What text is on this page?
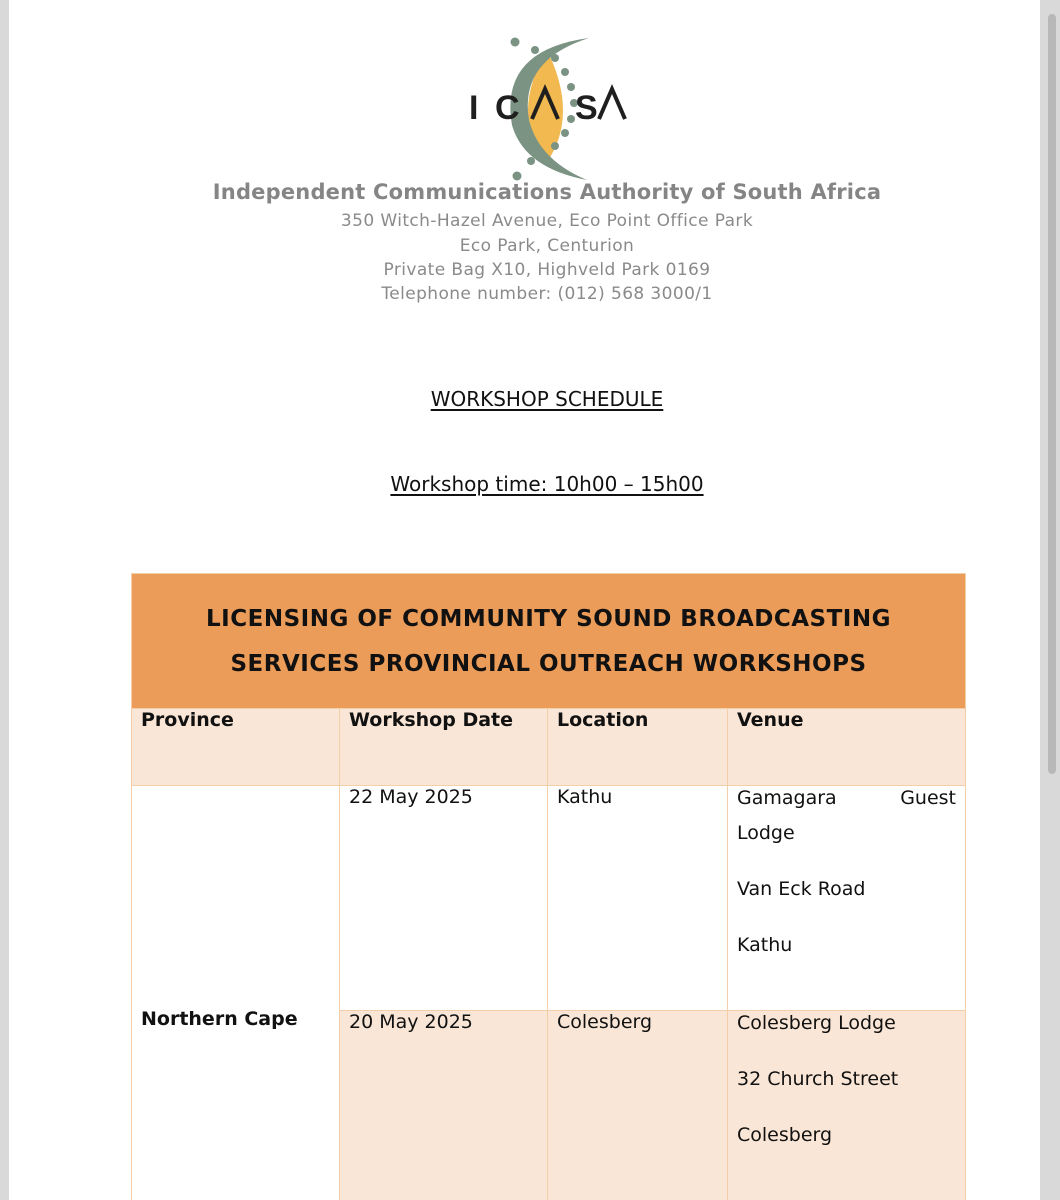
I C S
Independent Communications Authority of South Africa
350 Witch-Hazel Avenue, Eco Point Office Park
Eco Park, Centurion
Private Bag X10, Highveld Park 0169
Telephone number: (012) 568 3000/1
WORKSHOP SCHEDULE
Workshop time: 10h00 – 15h00
LICENSING OF COMMUNITY SOUND BROADCASTING
SERVICES PROVINCIAL OUTREACH WORKSHOPS			

Province	Workshop Date	Location	Venue
Northern Cape	22 May 2025	Kathu	Gamagara Guest

Lodge

Van Eck Road

Kathu

	20 May 2025	Colesberg	Colesberg Lodge

32 Church Street

Colesberg
